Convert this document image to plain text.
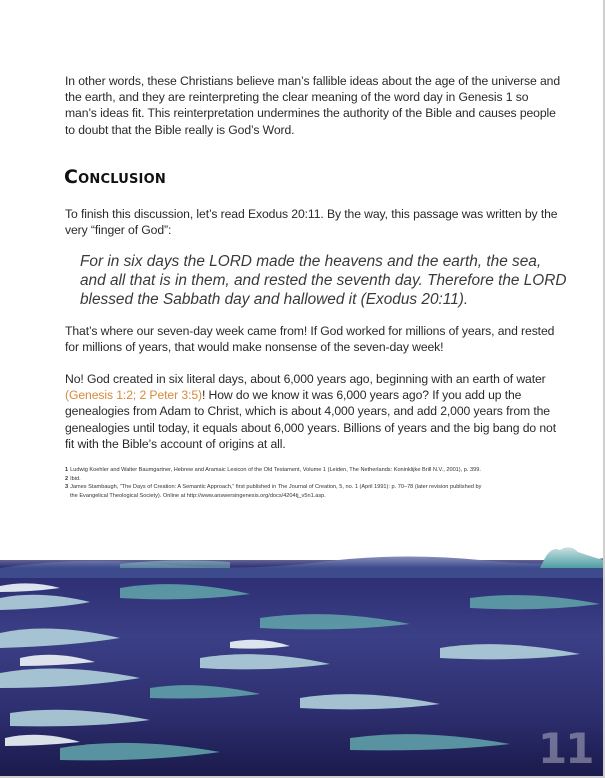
In other words, these Christians believe man’s fallible ideas about the age of the universe and the earth, and they are reinterpreting the clear meaning of the word day in Genesis 1 so man’s ideas fit. This reinterpretation undermines the authority of the Bible and causes people to doubt that the Bible really is God’s Word.

Conclusion

To finish this discussion, let’s read Exodus 20:11. By the way, this passage was written by the very “finger of God”:

For in six days the LORD made the heavens and the earth, the sea, and all that is in them, and rested the seventh day. Therefore the LORD blessed the Sabbath day and hallowed it (Exodus 20:11).

That’s where our seven-day week came from! If God worked for millions of years, and rested for millions of years, that would make nonsense of the seven-day week!

No! God created in six literal days, about 6,000 years ago, beginning with an earth of water (Genesis 1:2; 2 Peter 3:5)! How do we know it was 6,000 years ago? If you add up the genealogies from Adam to Christ, which is about 4,000 years, and add 2,000 years from the genealogies until today, it equals about 6,000 years. Billions of years and the big bang do not fit with the Bible’s account of origins at all.

1 Ludwig Koehler and Walter Baumgartner, Hebrew and Aramaic Lexicon of the Old Testament, Volume 1 (Leiden, The Netherlands: Koninklijke Brill N.V., 2001), p. 399.
2 Ibid.
3 James Stambaugh, “The Days of Creation: A Semantic Approach,” first published in The Journal of Creation, 5, no. 1 (April 1991): p. 70–78 (later revision published by
the Evangelical Theological Society). Online at http://www.answersingenesis.org/docs/4204tj_v5n1.asp.
11
